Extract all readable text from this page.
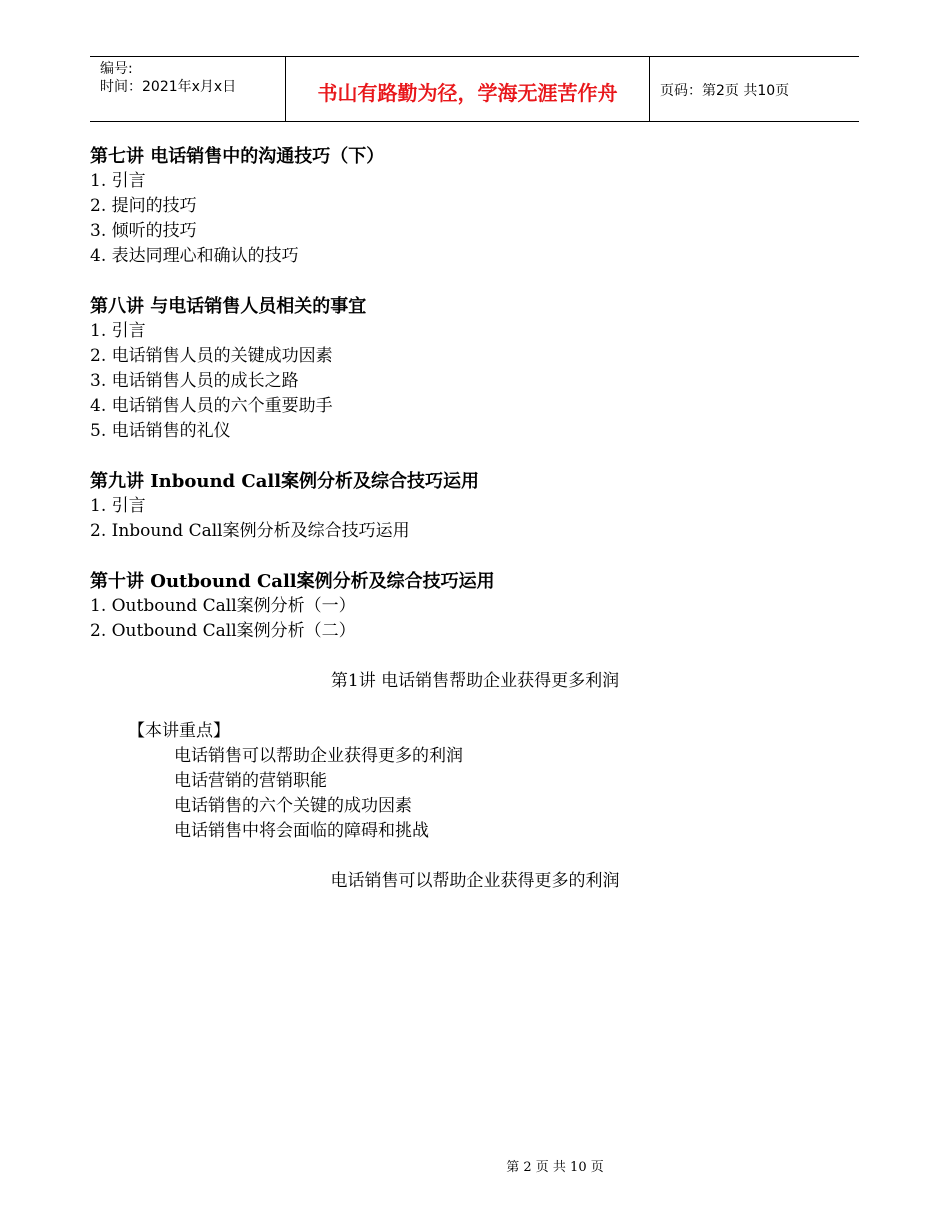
编号:
时间：2021年x月x日	书山有路勤为径，学海无涯苦作舟	页码：第2页 共10页
第七讲 电话销售中的沟通技巧（下）
1. 引言
2. 提问的技巧
3. 倾听的技巧
4. 表达同理心和确认的技巧
第八讲 与电话销售人员相关的事宜
1. 引言
2. 电话销售人员的关键成功因素
3. 电话销售人员的成长之路
4. 电话销售人员的六个重要助手
5. 电话销售的礼仪
第九讲 Inbound Call案例分析及综合技巧运用
1. 引言
2. Inbound Call案例分析及综合技巧运用
第十讲 Outbound Call案例分析及综合技巧运用
1. Outbound Call案例分析（一）
2. Outbound Call案例分析（二）
第1讲 电话销售帮助企业获得更多利润
【本讲重点】
电话销售可以帮助企业获得更多的利润
电话营销的营销职能
电话销售的六个关键的成功因素
电话销售中将会面临的障碍和挑战
电话销售可以帮助企业获得更多的利润
第 2 页 共 10 页
